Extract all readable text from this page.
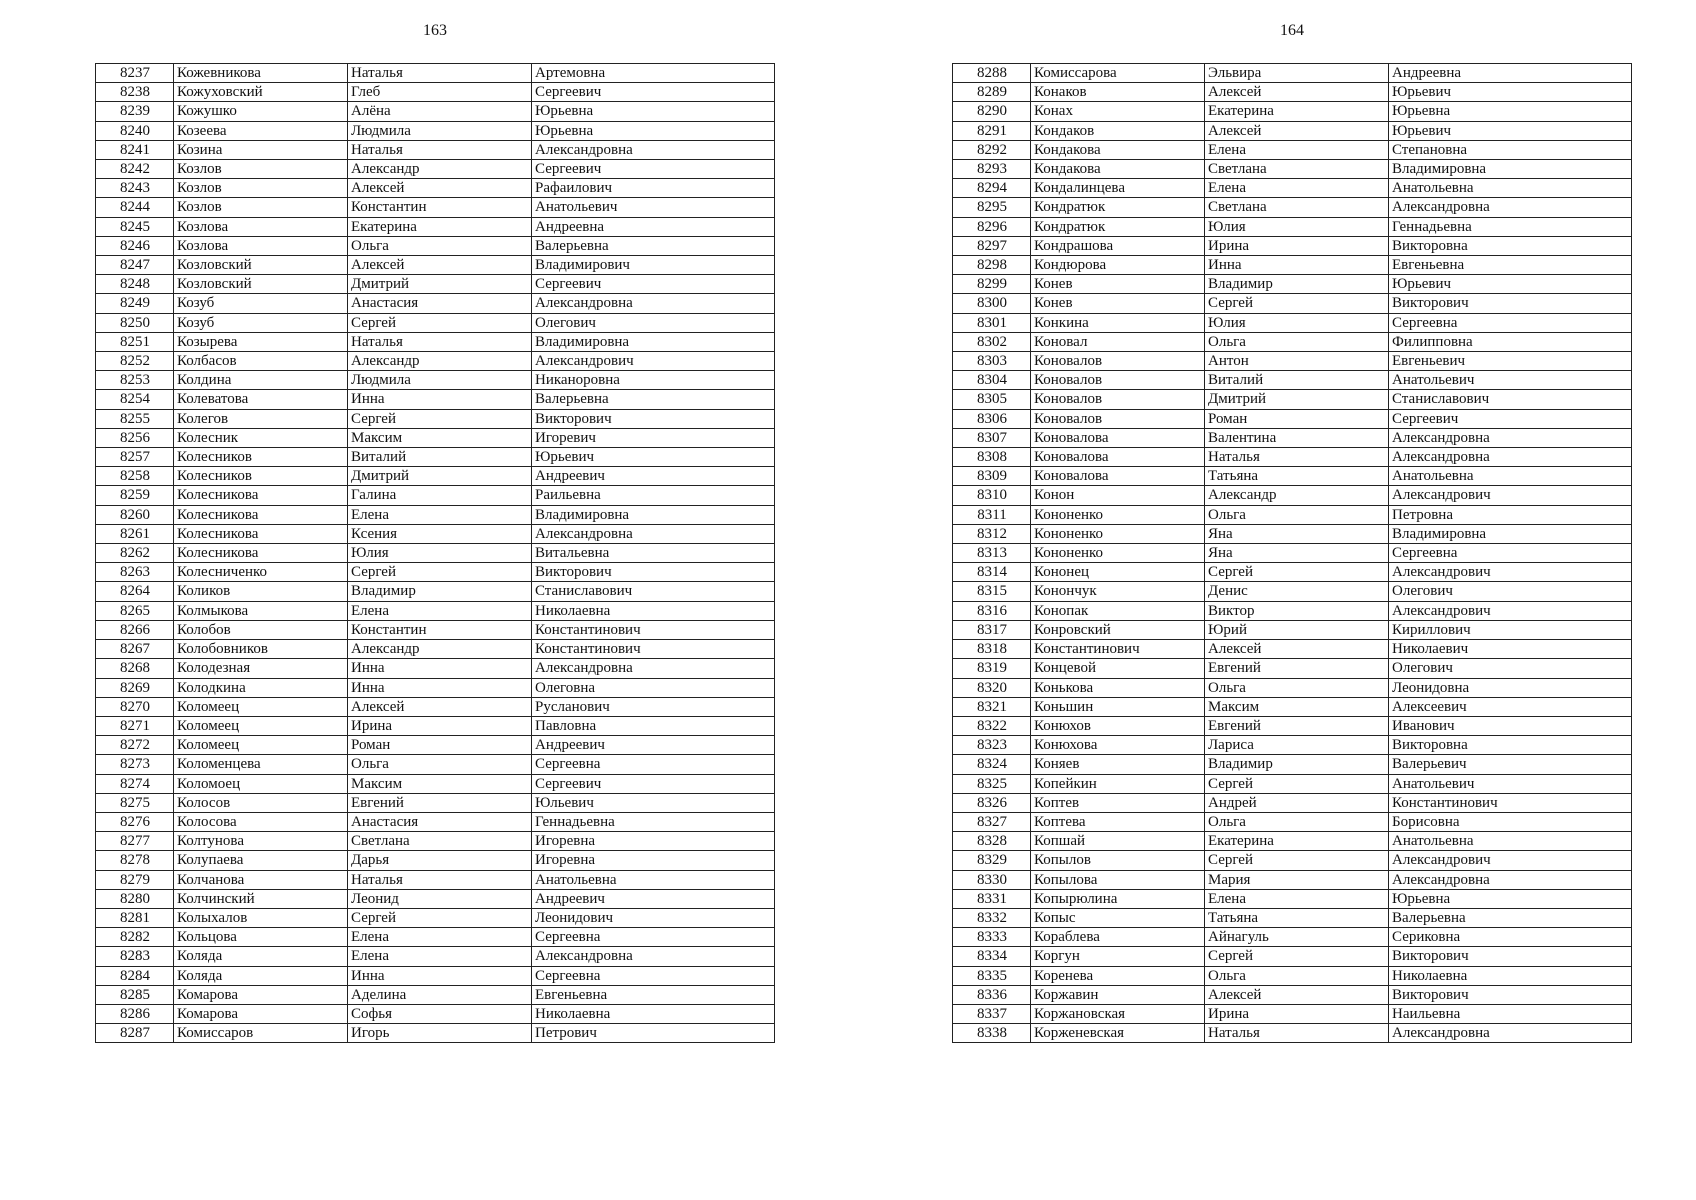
163
8237	Кожевникова	Наталья	Артемовна
8238	Кожуховский	Глеб	Сергеевич
8239	Кожушко	Алёна	Юрьевна
8240	Козеева	Людмила	Юрьевна
8241	Козина	Наталья	Александровна
8242	Козлов	Александр	Сергеевич
8243	Козлов	Алексей	Рафаилович
8244	Козлов	Константин	Анатольевич
8245	Козлова	Екатерина	Андреевна
8246	Козлова	Ольга	Валерьевна
8247	Козловский	Алексей	Владимирович
8248	Козловский	Дмитрий	Сергеевич
8249	Козуб	Анастасия	Александровна
8250	Козуб	Сергей	Олегович
8251	Козырева	Наталья	Владимировна
8252	Колбасов	Александр	Александрович
8253	Колдина	Людмила	Никаноровна
8254	Колеватова	Инна	Валерьевна
8255	Колегов	Сергей	Викторович
8256	Колесник	Максим	Игоревич
8257	Колесников	Виталий	Юрьевич
8258	Колесников	Дмитрий	Андреевич
8259	Колесникова	Галина	Раильевна
8260	Колесникова	Елена	Владимировна
8261	Колесникова	Ксения	Александровна
8262	Колесникова	Юлия	Витальевна
8263	Колесниченко	Сергей	Викторович
8264	Коликов	Владимир	Станиславович
8265	Колмыкова	Елена	Николаевна
8266	Колобов	Константин	Константинович
8267	Колобовников	Александр	Константинович
8268	Колодезная	Инна	Александровна
8269	Колодкина	Инна	Олеговна
8270	Коломеец	Алексей	Русланович
8271	Коломеец	Ирина	Павловна
8272	Коломеец	Роман	Андреевич
8273	Коломенцева	Ольга	Сергеевна
8274	Коломоец	Максим	Сергеевич
8275	Колосов	Евгений	Юльевич
8276	Колосова	Анастасия	Геннадьевна
8277	Колтунова	Светлана	Игоревна
8278	Колупаева	Дарья	Игоревна
8279	Колчанова	Наталья	Анатольевна
8280	Колчинский	Леонид	Андреевич
8281	Колыхалов	Сергей	Леонидович
8282	Кольцова	Елена	Сергеевна
8283	Коляда	Елена	Александровна
8284	Коляда	Инна	Сергеевна
8285	Комарова	Аделина	Евгеньевна
8286	Комарова	Софья	Николаевна
8287	Комиссаров	Игорь	Петрович
164
8288	Комиссарова	Эльвира	Андреевна
8289	Конаков	Алексей	Юрьевич
8290	Конах	Екатерина	Юрьевна
8291	Кондаков	Алексей	Юрьевич
8292	Кондакова	Елена	Степановна
8293	Кондакова	Светлана	Владимировна
8294	Кондалинцева	Елена	Анатольевна
8295	Кондратюк	Светлана	Александровна
8296	Кондратюк	Юлия	Геннадьевна
8297	Кондрашова	Ирина	Викторовна
8298	Кондюрова	Инна	Евгеньевна
8299	Конев	Владимир	Юрьевич
8300	Конев	Сергей	Викторович
8301	Конкина	Юлия	Сергеевна
8302	Коновал	Ольга	Филипповна
8303	Коновалов	Антон	Евгеньевич
8304	Коновалов	Виталий	Анатольевич
8305	Коновалов	Дмитрий	Станиславович
8306	Коновалов	Роман	Сергеевич
8307	Коновалова	Валентина	Александровна
8308	Коновалова	Наталья	Александровна
8309	Коновалова	Татьяна	Анатольевна
8310	Конон	Александр	Александрович
8311	Кононенко	Ольга	Петровна
8312	Кононенко	Яна	Владимировна
8313	Кононенко	Яна	Сергеевна
8314	Кононец	Сергей	Александрович
8315	Конончук	Денис	Олегович
8316	Конопак	Виктор	Александрович
8317	Конровский	Юрий	Кириллович
8318	Константинович	Алексей	Николаевич
8319	Концевой	Евгений	Олегович
8320	Конькова	Ольга	Леонидовна
8321	Коньшин	Максим	Алексеевич
8322	Конюхов	Евгений	Иванович
8323	Конюхова	Лариса	Викторовна
8324	Коняев	Владимир	Валерьевич
8325	Копейкин	Сергей	Анатольевич
8326	Коптев	Андрей	Константинович
8327	Коптева	Ольга	Борисовна
8328	Копшай	Екатерина	Анатольевна
8329	Копылов	Сергей	Александрович
8330	Копылова	Мария	Александровна
8331	Копырюлина	Елена	Юрьевна
8332	Копыс	Татьяна	Валерьевна
8333	Кораблева	Айнагуль	Сериковна
8334	Коргун	Сергей	Викторович
8335	Коренева	Ольга	Николаевна
8336	Коржавин	Алексей	Викторович
8337	Коржановская	Ирина	Наильевна
8338	Корженевская	Наталья	Александровна
